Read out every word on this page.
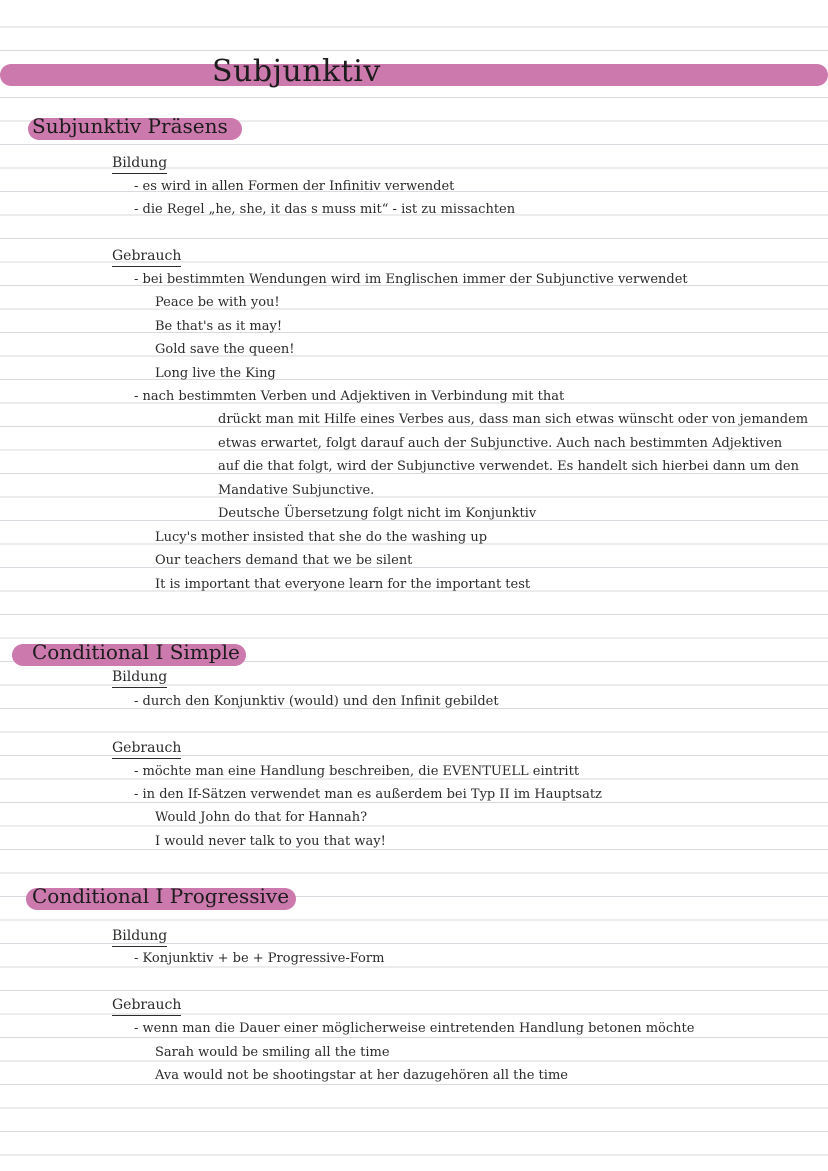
Subjunktiv
Subjunktiv Präsens
Bildung
- es wird in allen Formen der Infinitiv verwendet
- die Regel „he, she, it das s muss mit“ - ist zu missachten
Gebrauch
- bei bestimmten Wendungen wird im Englischen immer der Subjunctive verwendet
Peace be with you!
Be that's as it may!
Gold save the queen!
Long live the King
- nach bestimmten Verben und Adjektiven in Verbindung mit that
drückt man mit Hilfe eines Verbes aus, dass man sich etwas wünscht oder von jemandem
etwas erwartet, folgt darauf auch der Subjunctive. Auch nach bestimmten Adjektiven
auf die that folgt, wird der Subjunctive verwendet. Es handelt sich hierbei dann um den
Mandative Subjunctive.
Deutsche Übersetzung folgt nicht im Konjunktiv
Lucy's mother insisted that she do the washing up
Our teachers demand that we be silent
It is important that everyone learn for the important test
Conditional I Simple
Bildung
- durch den Konjunktiv (would) und den Infinit gebildet
Gebrauch
- möchte man eine Handlung beschreiben, die EVENTUELL eintritt
- in den If-Sätzen verwendet man es außerdem bei Typ II im Hauptsatz
Would John do that for Hannah?
I would never talk to you that way!
Conditional I Progressive
Bildung
- Konjunktiv + be + Progressive-Form
Gebrauch
- wenn man die Dauer einer möglicherweise eintretenden Handlung betonen möchte
Sarah would be smiling all the time
Ava would not be shootingstar at her dazugehören all the time
